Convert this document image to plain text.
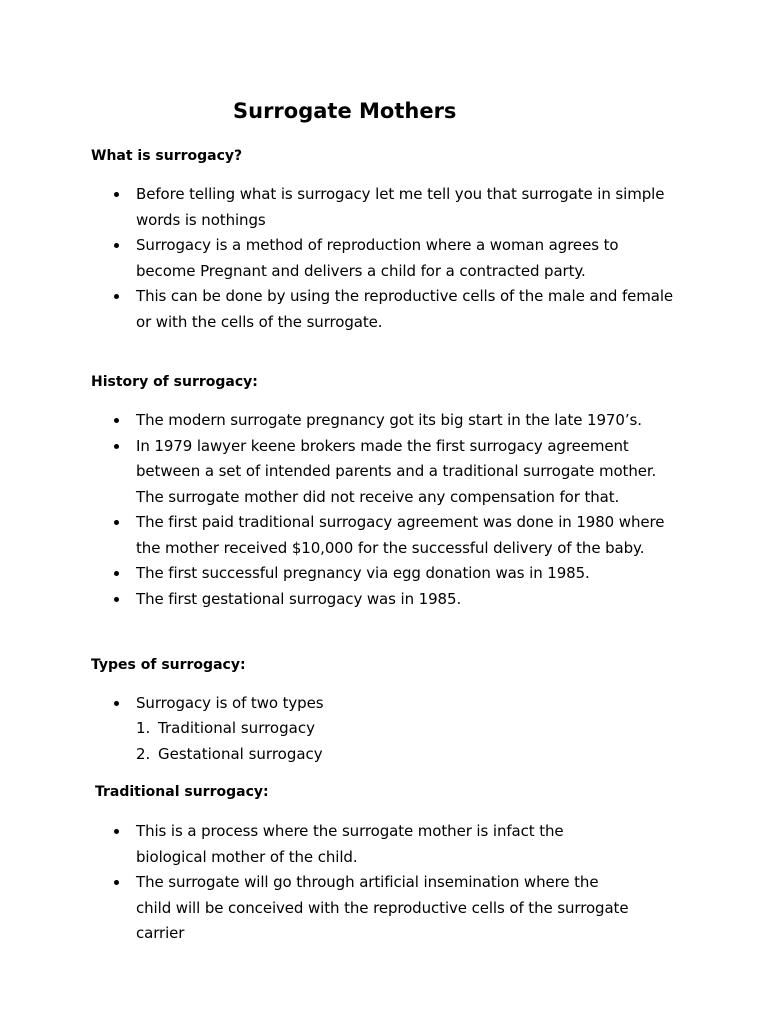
Surrogate Mothers
What is surrogacy?
Before telling what is surrogacy let me tell you that surrogate in simple words is nothings
Surrogacy is a method of reproduction where a woman agrees to become Pregnant and delivers a child for a contracted party.
This can be done by using the reproductive cells of the male and female or with the cells of the surrogate.
History of surrogacy:
The modern surrogate pregnancy got its big start in the late 1970’s.
In 1979 lawyer keene brokers made the first surrogacy agreement between a set of intended parents and a traditional surrogate mother. The surrogate mother did not receive any compensation for that.
The first paid traditional surrogacy agreement was done in 1980 where the mother received $10,000 for the successful delivery of the baby.
The first successful pregnancy via egg donation was in 1985.
The first gestational surrogacy was in 1985.
Types of surrogacy:
Surrogacy is of two types
1. Traditional surrogacy
2. Gestational surrogacy
Traditional surrogacy:
This is a process where the surrogate mother is infact the biological mother of the child.
The surrogate will go through artificial insemination where the child will be conceived with the reproductive cells of the surrogate carrier
